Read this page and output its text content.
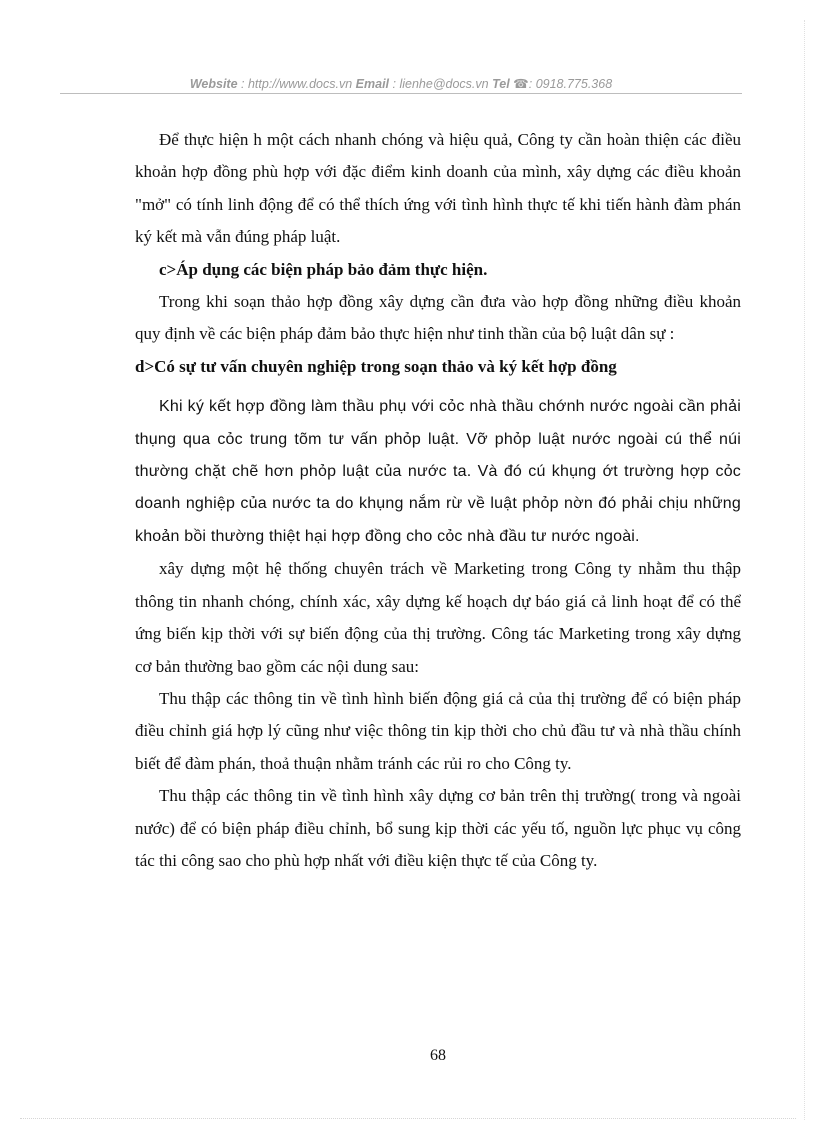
Website : http://www.docs.vn Email : lienhe@docs.vn Tel ☎: 0918.775.368

Để thực hiện h một cách nhanh chóng và hiệu quả, Công ty cần hoàn thiện các điều khoản hợp đồng phù hợp với đặc điểm kinh doanh của mình, xây dựng các điều khoản "mở" có tính linh động để có thể thích ứng với tình hình thực tế khi tiến hành đàm phán ký kết mà vẫn đúng pháp luật.

c>Áp dụng các biện pháp bảo đảm thực hiện.

Trong khi soạn thảo hợp đồng xây dựng cần đưa vào hợp đồng những điều khoản quy định về các biện pháp đảm bảo thực hiện như tinh thần của bộ luật dân sự :

d>Có sự tư vấn chuyên nghiệp trong soạn thảo và ký kết hợp đồng

Khi ký kết hợp đồng làm thầu phụ với cỏc nhà thầu chớnh nước ngoài cần phải thụng qua cỏc trung tõm tư vấn phỏp luật. Vỡ phỏp luật nước ngoài cú thể núi thường chặt chẽ hơn phỏp luật của nước ta. Và đó cú khụng ớt trường hợp cỏc doanh nghiệp của nước ta do khụng nắm rừ về luật phỏp nờn đó phải chịu những khoản bồi thường thiệt hại hợp đồng cho cỏc nhà đầu tư nước ngoài.

xây dựng một hệ thống chuyên trách về Marketing trong Công ty nhằm thu thập thông tin nhanh chóng, chính xác, xây dựng kế hoạch dự báo giá cả linh hoạt để có thể ứng biến kịp thời với sự biến động của thị trường. Công tác Marketing trong xây dựng cơ bản thường bao gồm các nội dung sau:

Thu thập các thông tin về tình hình biến động giá cả của thị trường để có biện pháp điều chỉnh giá hợp lý cũng như việc thông tin kịp thời cho chủ đầu tư và nhà thầu chính biết để đàm phán, thoả thuận nhằm tránh các rủi ro cho Công ty.

Thu thập các thông tin về tình hình xây dựng cơ bản trên thị trường( trong và ngoài nước) để có biện pháp điều chỉnh, bổ sung kịp thời các yếu tố, nguồn lực phục vụ công tác thi công sao cho phù hợp nhất với điều kiện thực tế của Công ty.

68
